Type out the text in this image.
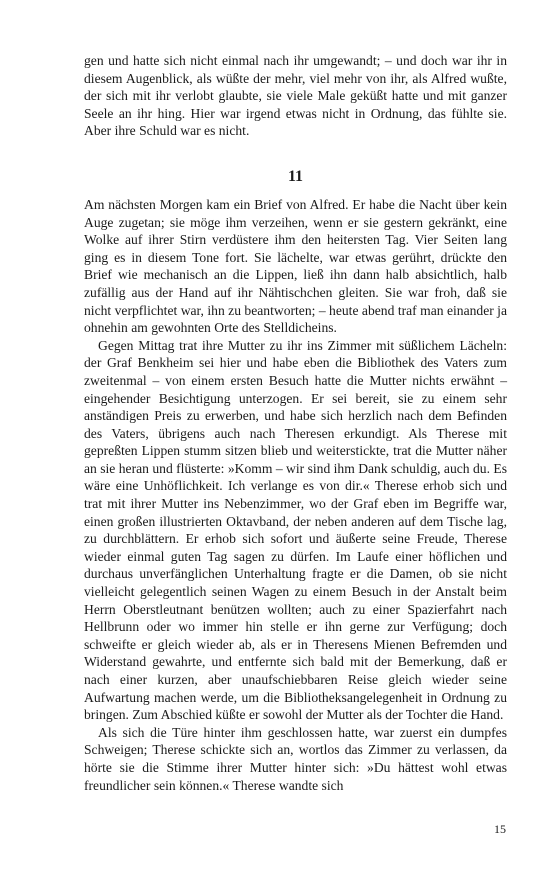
gen und hatte sich nicht einmal nach ihr umgewandt; – und doch war ihr in diesem Augenblick, als wüßte der mehr, viel mehr von ihr, als Alfred wußte, der sich mit ihr verlobt glaubte, sie viele Male geküßt hatte und mit ganzer Seele an ihr hing. Hier war irgend etwas nicht in Ordnung, das fühlte sie. Aber ihre Schuld war es nicht.

11

Am nächsten Morgen kam ein Brief von Alfred. Er habe die Nacht über kein Auge zugetan; sie möge ihm verzeihen, wenn er sie gestern gekränkt, eine Wolke auf ihrer Stirn verdüstere ihm den heitersten Tag. Vier Seiten lang ging es in diesem Tone fort. Sie lächelte, war etwas gerührt, drückte den Brief wie mechanisch an die Lippen, ließ ihn dann halb absichtlich, halb zufällig aus der Hand auf ihr Nähtischchen gleiten. Sie war froh, daß sie nicht verpflichtet war, ihn zu beantworten; – heute abend traf man einander ja ohnehin am gewohnten Orte des Stelldicheins.

Gegen Mittag trat ihre Mutter zu ihr ins Zimmer mit süßlichem Lächeln: der Graf Benkheim sei hier und habe eben die Bibliothek des Vaters zum zweitenmal – von einem ersten Besuch hatte die Mutter nichts erwähnt – eingehender Besichtigung unterzogen. Er sei bereit, sie zu einem sehr anständigen Preis zu erwerben, und habe sich herzlich nach dem Befinden des Vaters, übrigens auch nach Theresen erkundigt. Als Therese mit gepreßten Lippen stumm sitzen blieb und weiterstickte, trat die Mutter näher an sie heran und flüsterte: »Komm – wir sind ihm Dank schuldig, auch du. Es wäre eine Unhöflichkeit. Ich verlange es von dir.« Therese erhob sich und trat mit ihrer Mutter ins Nebenzimmer, wo der Graf eben im Begriffe war, einen großen illustrierten Oktavband, der neben anderen auf dem Tische lag, zu durchblättern. Er erhob sich sofort und äußerte seine Freude, Therese wieder einmal guten Tag sagen zu dürfen. Im Laufe einer höflichen und durchaus unverfänglichen Unterhaltung fragte er die Damen, ob sie nicht vielleicht gelegentlich seinen Wagen zu einem Besuch in der Anstalt beim Herrn Oberstleutnant benützen wollten; auch zu einer Spazierfahrt nach Hellbrunn oder wo immer hin stelle er ihn gerne zur Verfügung; doch schweifte er gleich wieder ab, als er in Theresens Mienen Befremden und Widerstand gewahrte, und entfernte sich bald mit der Bemerkung, daß er nach einer kurzen, aber unaufschiebbaren Reise gleich wieder seine Aufwartung machen werde, um die Bibliotheksangelegenheit in Ordnung zu bringen. Zum Abschied küßte er sowohl der Mutter als der Tochter die Hand.

Als sich die Türe hinter ihm geschlossen hatte, war zuerst ein dumpfes Schweigen; Therese schickte sich an, wortlos das Zimmer zu verlassen, da hörte sie die Stimme ihrer Mutter hinter sich: »Du hättest wohl etwas freundlicher sein können.« Therese wandte sich

15
